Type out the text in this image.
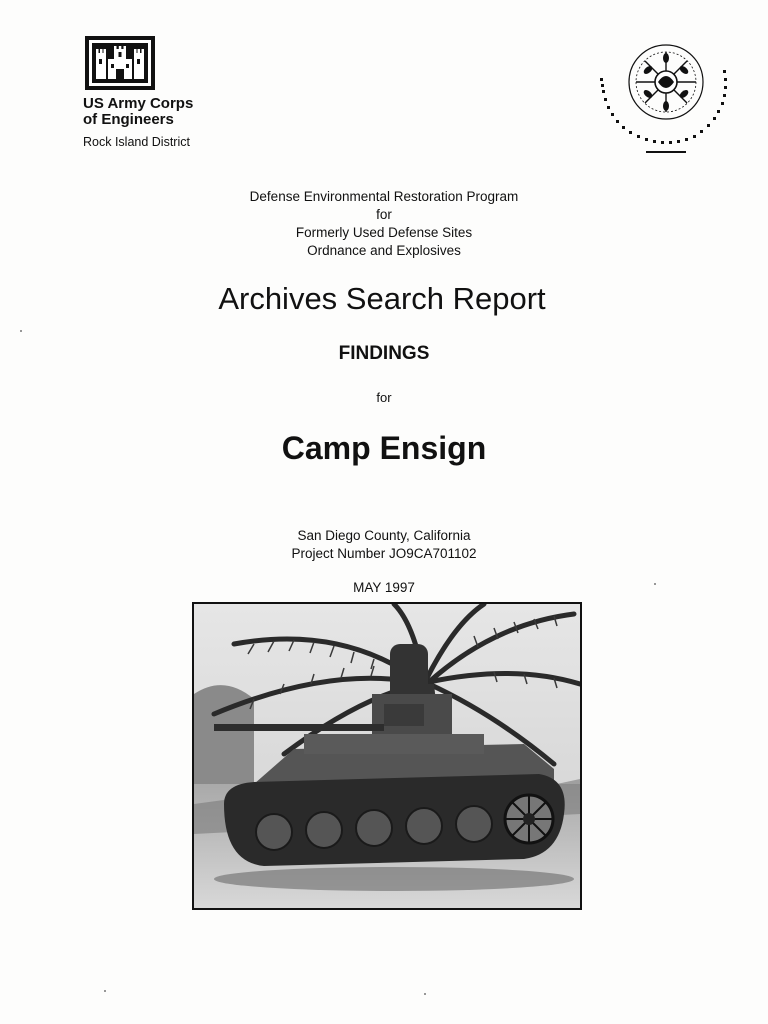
US Army Corps
of Engineers
Rock Island District
Defense Environmental Restoration Program
for
Formerly Used Defense Sites
Ordnance and Explosives
Archives Search Report
FINDINGS
for
Camp Ensign
San Diego County, California
Project Number JO9CA701102
MAY 1997
